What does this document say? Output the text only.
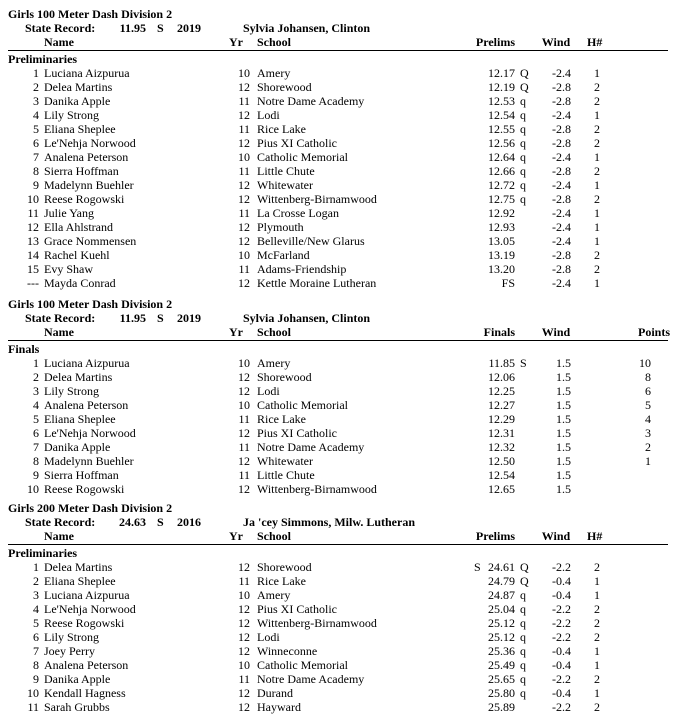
Girls 100 Meter Dash Division 2
State Record:	11.95 S 2019	Sylvia Johansen, Clinton
Name	Yr School	Prelims	Wind	H#
Preliminaries
1 Luciana Aizpurua	10 Amery	12.17 Q	-2.4	1
2 Delea Martins	12 Shorewood	12.19 Q	-2.8	2
3 Danika Apple	11 Notre Dame Academy	12.53 q	-2.8	2
4 Lily Strong	12 Lodi	12.54 q	-2.4	1
5 Eliana Sheplee	11 Rice Lake	12.55 q	-2.8	2
6 Le'Nehja Norwood	12 Pius XI Catholic	12.56 q	-2.8	2
7 Analena Peterson	10 Catholic Memorial	12.64 q	-2.4	1
8 Sierra Hoffman	11 Little Chute	12.66 q	-2.8	2
9 Madelynn Buehler	12 Whitewater	12.72 q	-2.4	1
10 Reese Rogowski	12 Wittenberg-Birnamwood	12.75 q	-2.8	2
11 Julie Yang	11 La Crosse Logan	12.92	-2.4	1
12 Ella Ahlstrand	12 Plymouth	12.93	-2.4	1
13 Grace Nommensen	12 Belleville/New Glarus	13.05	-2.4	1
14 Rachel Kuehl	10 McFarland	13.19	-2.8	2
15 Evy Shaw	11 Adams-Friendship	13.20	-2.8	2
--- Mayda Conrad	12 Kettle Moraine Lutheran	FS	-2.4	1
Girls 100 Meter Dash Division 2
State Record:	11.95 S 2019	Sylvia Johansen, Clinton
Name	Yr School	Finals	Wind	Points
Finals
1 Luciana Aizpurua	10 Amery	11.85 S	1.5	10
2 Delea Martins	12 Shorewood	12.06	1.5	8
3 Lily Strong	12 Lodi	12.25	1.5	6
4 Analena Peterson	10 Catholic Memorial	12.27	1.5	5
5 Eliana Sheplee	11 Rice Lake	12.29	1.5	4
6 Le'Nehja Norwood	12 Pius XI Catholic	12.31	1.5	3
7 Danika Apple	11 Notre Dame Academy	12.32	1.5	2
8 Madelynn Buehler	12 Whitewater	12.50	1.5	1
9 Sierra Hoffman	11 Little Chute	12.54	1.5
10 Reese Rogowski	12 Wittenberg-Birnamwood	12.65	1.5
Girls 200 Meter Dash Division 2
State Record:	24.63 S 2016	Ja 'cey Simmons, Milw. Lutheran
Name	Yr School	Prelims	Wind	H#
Preliminaries
1 Delea Martins	12 Shorewood	S 24.61 Q	-2.2	2
2 Eliana Sheplee	11 Rice Lake	24.79 Q	-0.4	1
3 Luciana Aizpurua	10 Amery	24.87 q	-0.4	1
4 Le'Nehja Norwood	12 Pius XI Catholic	25.04 q	-2.2	2
5 Reese Rogowski	12 Wittenberg-Birnamwood	25.12 q	-2.2	2
6 Lily Strong	12 Lodi	25.12 q	-2.2	2
7 Joey Perry	12 Winneconne	25.36 q	-0.4	1
8 Analena Peterson	10 Catholic Memorial	25.49 q	-0.4	1
9 Danika Apple	11 Notre Dame Academy	25.65 q	-2.2	2
10 Kendall Hagness	12 Durand	25.80 q	-0.4	1
11 Sarah Grubbs	12 Hayward	25.89	-2.2	2
